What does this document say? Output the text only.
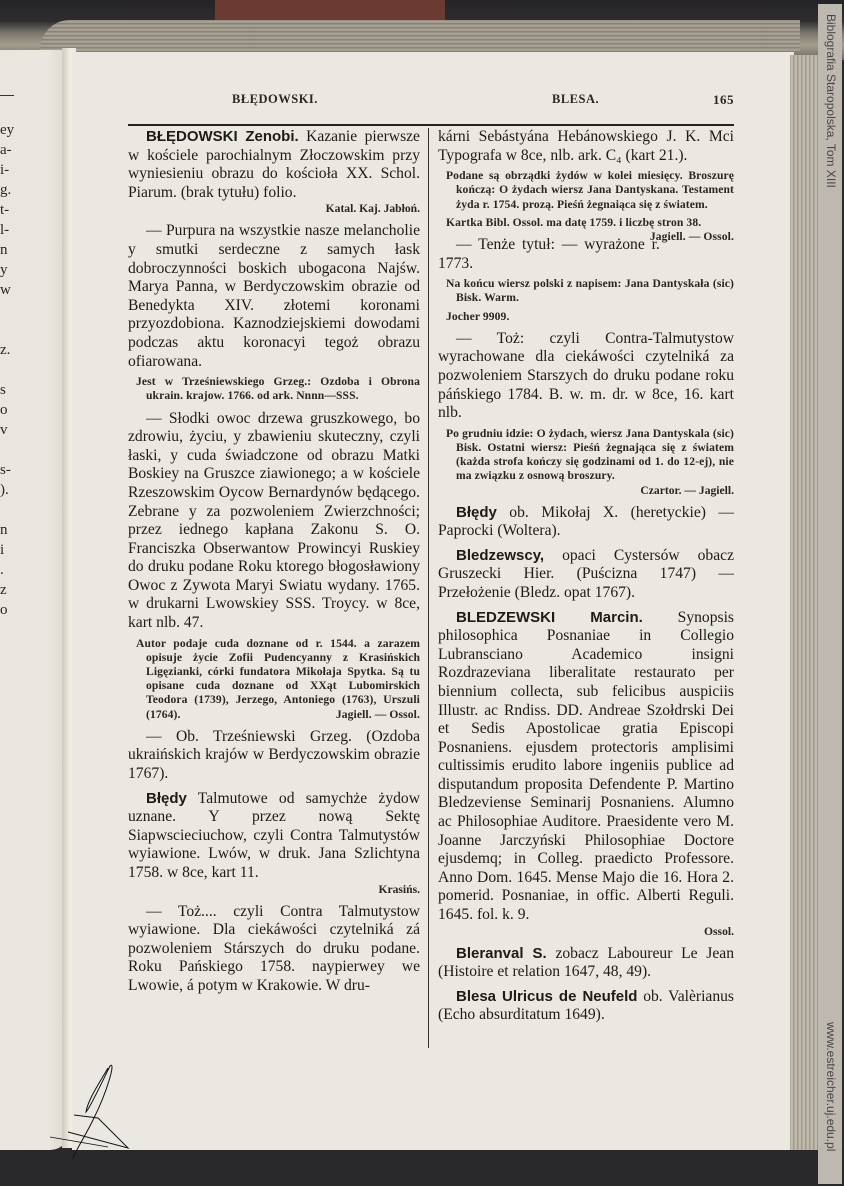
ey
a-
i-
g.
t-
l-
n
y
w
z.
s
o
v
s-
).
n
i
.
z
o
Biblografia Staropolska, Tom XIII
www.estreicher.uj.edu.pl
BŁĘDOWSKI.	BLESA.	165

BŁĘDOWSKI Zenobi. Kazanie pierwsze w kościele parochialnym Złoczowskim przy wyniesieniu obrazu do kościoła XX. Schol. Piarum. (brak tytułu) folio.

Katal. Kaj. Jabłoń.

— Purpura na wszystkie nasze melancholie y smutki serdeczne z samych łask dobroczynności boskich ubogacona Najśw. Marya Panna, w Berdyczowskim obrazie od Benedykta XIV. złotemi koronami przyozdobiona. Kaznodziejskiemi dowodami podczas aktu koronacyi tegoż obrazu ofiarowana.

Jest w Trześniewskiego Grzeg.: Ozdoba i Obrona ukrain. krajow. 1766. od ark. Nnnn—SSS.

— Słodki owoc drzewa gruszkowego, bo zdrowiu, życiu, y zbawieniu skuteczny, czyli łaski, y cuda świadczone od obrazu Matki Boskiey na Gruszce ziawionego; a w kościele Rzeszowskim Oycow Bernardynów będącego. Zebrane y za pozwoleniem Zwierzchności; przez iednego kapłana Zakonu S. O. Franciszka Obserwantow Prowincyi Ruskiey do druku podane Roku ktorego błogosławiony Owoc z Zywota Maryi Swiatu wydany. 1765. w drukarni Lwowskiey SSS. Troycy. w 8ce, kart nlb. 47.

Autor podaje cuda doznane od r. 1544. a zarazem opisuje życie Zofii Pudencyanny z Krasińskich Ligęzianki, córki fundatora Mikołaja Spytka. Są tu opisane cuda doznane od XXąt Lubomirskich Teodora (1739), Jerzego, Antoniego (1763), Urszuli (1764).	Jagiell. — Ossol.

— Ob. Trześniewski Grzeg. (Ozdoba ukraińskich krajów w Berdyczowskim obrazie 1767).

Błędy Talmutowe od samychże żydow uznane. Y przez nową Sektę Siapwscieciuchow, czyli Contra Talmutystów wyiawione. Lwów, w druk. Jana Szlichtyna 1758. w 8ce, kart 11.

Krasińs.

— Toż.... czyli Contra Talmutystow wyiawione. Dla ciekáwości czytelniká zá pozwoleniem Stárszych do druku podane. Roku Pańskiego 1758. naypierwey we Lwowie, á potym w Krakowie. W dru-

kárni Sebástyána Hebánowskiego J. K. Mci Typografa w 8ce, nlb. ark. C₄ (kart 21.).

Podane są obrządki żydów w kolei miesięcy. Broszurę kończą: O żydach wiersz Jana Dantyskana. Testament żyda r. 1754. prozą. Pieśń żegnaiąca się z światem.

Kartka Bibl. Ossol. ma datę 1759. i liczbę stron 38.
Jagiell. — Ossol.

— Tenże tytuł: — wyrażone r. 1773.

Na końcu wiersz polski z napisem: Jana Dantyskała (sic) Bisk. Warm.

Jocher 9909.

— Toż: czyli Contra-Talmutystow wyrachowane dla ciekáwości czytelniká za pozwoleniem Starszych do druku podane roku páńskiego 1784. B. w. m. dr. w 8ce, 16. kart nlb.

Po grudniu idzie: O żydach, wiersz Jana Dantyskala (sic) Bisk. Ostatni wiersz: Pieśń żegnająca się z światem (każda strofa kończy się godzinami od 1. do 12-ej), nie ma związku z osnową broszury.

Czartor. — Jagiell.

Błędy ob. Mikołaj X. (heretyckie) — Paprocki (Woltera).

Bledzewscy, opaci Cystersów obacz Gruszecki Hier. (Puścizna 1747) — Przełożenie (Bledz. opat 1767).

BLEDZEWSKI Marcin. Synopsis philosophica Posnaniae in Collegio Lubransciano Academico insigni Rozdrazeviana liberalitate restaurato per biennium collecta, sub felicibus auspiciis Illustr. ac Rndiss. DD. Andreae Szołdrski Dei et Sedis Apostolicae gratia Episcopi Posnaniens. ejusdem protectoris amplisimi cultissimis erudito labore ingeniis publice ad disputandum proposita Defendente P. Martino Bledzeviense Seminarij Posnaniens. Alumno ac Philosophiae Auditore. Praesidente vero M. Joanne Jarczyński Philosophiae Doctore ejusdemq; in Colleg. praedicto Professore. Anno Dom. 1645. Mense Majo die 16. Hora 2. pomerid. Posnaniae, in offic. Alberti Reguli. 1645. fol. k. 9.

Ossol.

Bleranval S. zobacz Laboureur Le Jean (Histoire et relation 1647, 48, 49).

Blesa Ulricus de Neufeld ob. Valèrianus (Echo absurditatum 1649).
